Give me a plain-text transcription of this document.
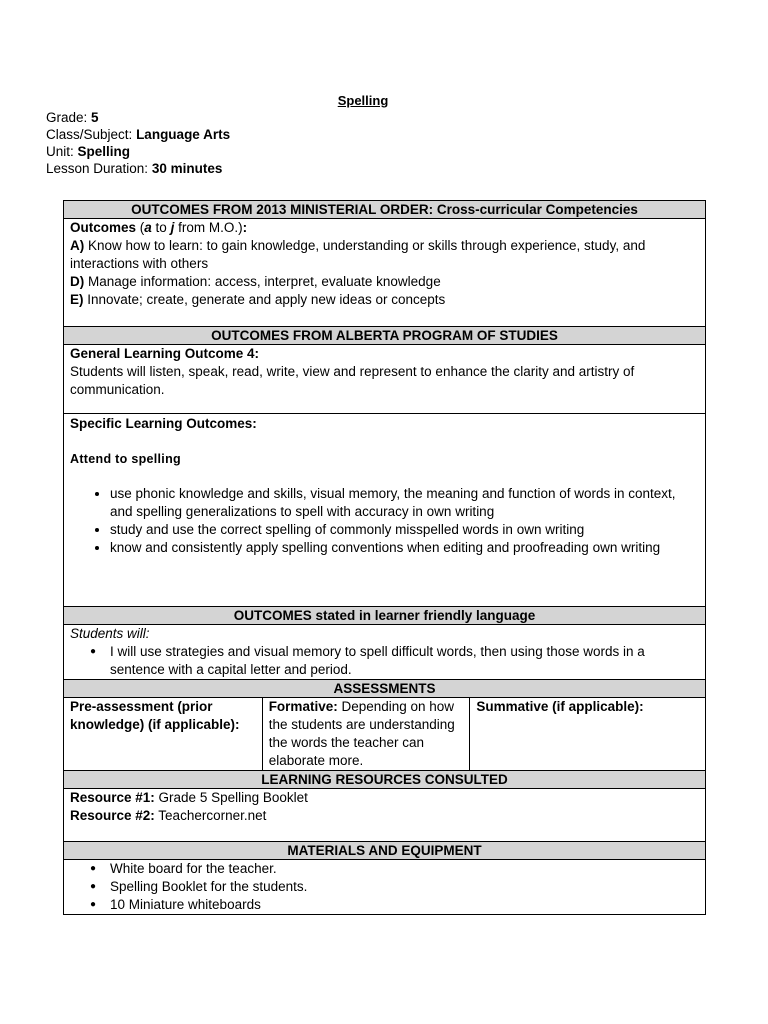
Spelling
Grade: 5
Class/Subject: Language Arts
Unit: Spelling
Lesson Duration: 30 minutes
OUTCOMES FROM 2013 MINISTERIAL ORDER: Cross-curricular Competencies

Outcomes (a to j from M.O.):
A) Know how to learn: to gain knowledge, understanding or skills through experience, study, and interactions with others
D) Manage information: access, interpret, evaluate knowledge
E) Innovate; create, generate and apply new ideas or concepts

OUTCOMES FROM ALBERTA PROGRAM OF STUDIES

General Learning Outcome 4:
Students will listen, speak, read, write, view and represent to enhance the clarity and artistry of communication.

Specific Learning Outcomes:
Attend to spelling
• use phonic knowledge and skills, visual memory, the meaning and function of words in context, and spelling generalizations to spell with accuracy in own writing
• study and use the correct spelling of commonly misspelled words in own writing
• know and consistently apply spelling conventions when editing and proofreading own writing

OUTCOMES stated in learner friendly language

Students will:
● I will use strategies and visual memory to spell difficult words, then using those words in a sentence with a capital letter and period.

ASSESSMENTS
Pre-assessment (prior knowledge) (if applicable):	Formative: Depending on how the students are understanding the words the teacher can elaborate more.	Summative (if applicable):
LEARNING RESOURCES CONSULTED

Resource #1: Grade 5 Spelling Booklet
Resource #2: Teachercorner.net

MATERIALS AND EQUIPMENT

● White board for the teacher.
● Spelling Booklet for the students.
● 10 Miniature whiteboards
